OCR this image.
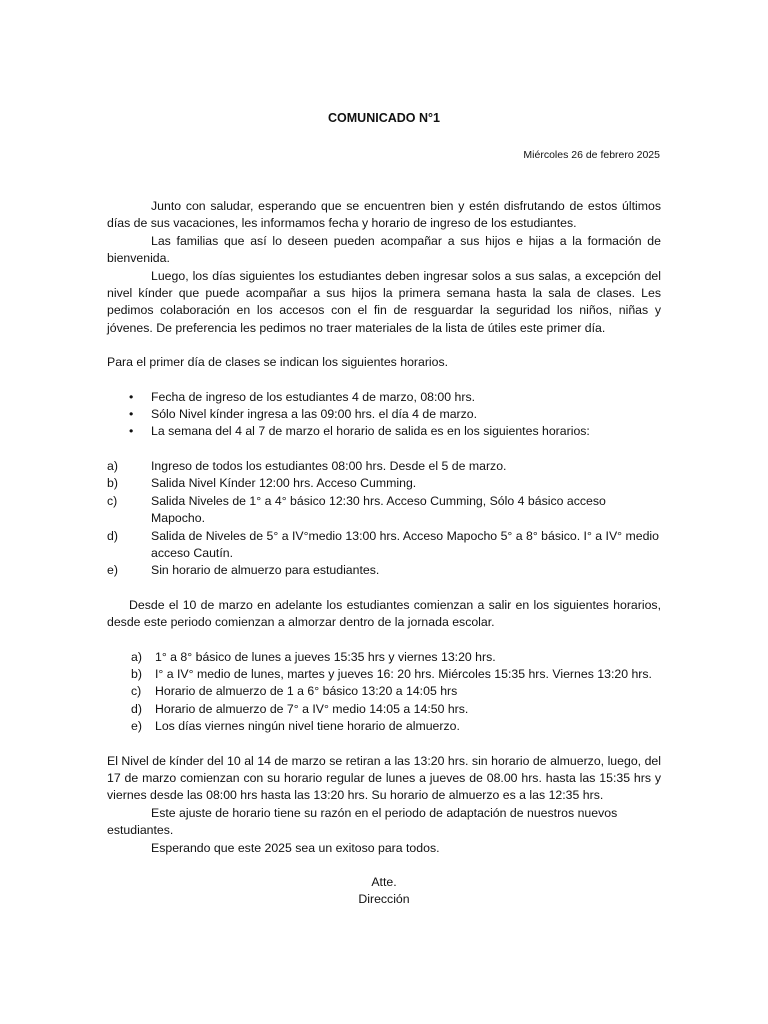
COMUNICADO N°1
Miércoles 26 de febrero 2025

Junto con saludar, esperando que se encuentren bien y estén disfrutando de estos últimos días de sus vacaciones, les informamos fecha y horario de ingreso de los estudiantes.

Las familias que así lo deseen pueden acompañar a sus hijos e hijas a la formación de bienvenida.

Luego, los días siguientes los estudiantes deben ingresar solos a sus salas, a excepción del nivel kínder que puede acompañar a sus hijos la primera semana hasta la sala de clases. Les pedimos colaboración en los accesos con el fin de resguardar la seguridad los niños, niñas y jóvenes. De preferencia les pedimos no traer materiales de la lista de útiles este primer día.

Para el primer día de clases se indican los siguientes horarios.

• Fecha de ingreso de los estudiantes 4 de marzo, 08:00 hrs.
• Sólo Nivel kínder ingresa a las 09:00 hrs. el día 4 de marzo.
• La semana del 4 al 7 de marzo el horario de salida es en los siguientes horarios:
a)	Ingreso de todos los estudiantes 08:00 hrs. Desde el 5 de marzo.
b)	Salida Nivel Kínder 12:00 hrs. Acceso Cumming.
c)	Salida Niveles de 1° a 4° básico 12:30 hrs. Acceso Cumming, Sólo 4 básico acceso Mapocho.
d)	Salida de Niveles de 5° a IV°medio 13:00 hrs. Acceso Mapocho 5° a 8° básico. I° a IV° medio acceso Cautín.
e)	Sin horario de almuerzo para estudiantes.

Desde el 10 de marzo en adelante los estudiantes comienzan a salir en los siguientes horarios, desde este periodo comienzan a almorzar dentro de la jornada escolar.

a) 1° a 8° básico de lunes a jueves 15:35 hrs y viernes 13:20 hrs.
b) I° a IV° medio de lunes, martes y jueves 16: 20 hrs. Miércoles 15:35 hrs. Viernes 13:20 hrs.
c) Horario de almuerzo de 1 a 6° básico 13:20 a 14:05 hrs
d) Horario de almuerzo de 7° a IV° medio 14:05 a 14:50 hrs.
e) Los días viernes ningún nivel tiene horario de almuerzo.

El Nivel de kínder del 10 al 14 de marzo se retiran a las 13:20 hrs. sin horario de almuerzo, luego, del 17 de marzo comienzan con su horario regular de lunes a jueves de 08.00 hrs. hasta las 15:35 hrs y viernes desde las 08:00 hrs hasta las 13:20 hrs. Su horario de almuerzo es a las 12:35 hrs.

Este ajuste de horario tiene su razón en el periodo de adaptación de nuestros nuevos estudiantes.

Esperando que este 2025 sea un exitoso para todos.

Atte.
Dirección
